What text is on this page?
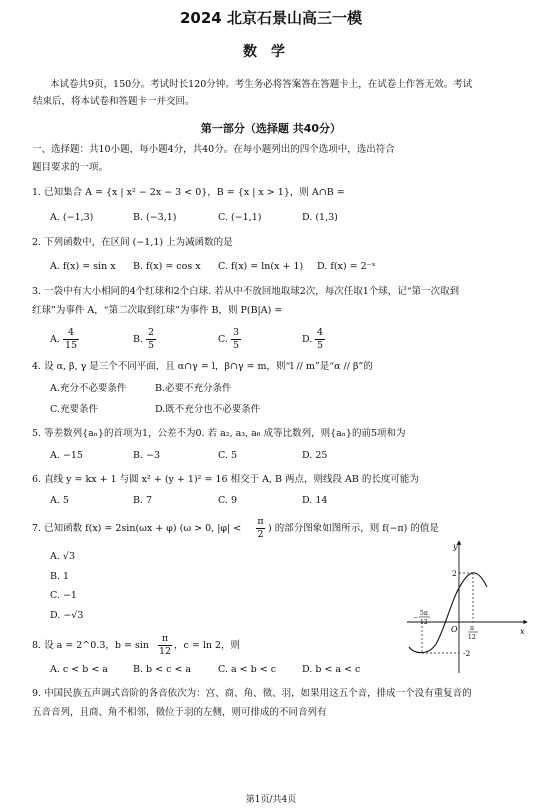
2024 北京石景山高三一模
数学
本试卷共9页，150分。考试时长120分钟。考生务必将答案答在答题卡上，在试卷上作答无效。考试
结束后，将本试卷和答题卡一并交回。
第一部分（选择题 共40分）
一、选择题：共10小题，每小题4分，共40分。在每小题列出的四个选项中，选出符合
题目要求的一项。
1. 已知集合 A = {x | x² − 2x − 3 < 0}，B = {x | x > 1}，则 A∩B =
A. (−1,3)	B. (−3,1)	C. (−1,1)	D. (1,3)
2. 下列函数中，在区间 (−1,1) 上为减函数的是
A. f(x) = sin x B. f(x) = cos x C. f(x) = ln(x + 1) D. f(x) = 2⁻ˣ
3. 一袋中有大小相同的4个红球和2个白球. 若从中不放回地取球2次，每次任取1个球，记“第一次取到
红球”为事件 A，“第二次取到红球”为事件 B，则 P(B|A) =
A.
4
15
B.
2
5
C.
3
5
D.
4
5
4. 设 α, β, γ 是三个不同平面，且 α∩γ = l，β∩γ = m，则“l // m”是“α // β”的
A.充分不必要条件	B.必要不充分条件
C.充要条件	D.既不充分也不必要条件
5. 等差数列{aₙ}的首项为1，公差不为0. 若 a₂, a₃, a₆ 成等比数列，则{aₙ}的前5项和为
A. −15	B. −3	C. 5	D. 25
6. 直线 y = kx + 1 与圆 x² + (y + 1)² = 16 相交于 A, B 两点，则线段 AB 的长度可能为
A. 5	B. 7	C. 9	D. 14
7. 已知函数 f(x) = 2sin(ωx + φ) (ω > 0, |φ| <
π
2
) 的部分图象如图所示，则 f(−π) 的值是
A. √3
B. 1
C. −1
D. −√3
y
x
O
2
-2
−
5π
12
π
12
8. 设 a = 2^0.3，b = sin
π
12
，c = ln 2，则
A. c < b < a	B. b < c < a	C. a < b < c	D. b < a < c
9. 中国民族五声调式音阶的各音依次为：宫、商、角、徵、羽，如果用这五个音，排成一个没有重复音的
五音音列，且商、角不相邻，徵位于羽的左侧，则可排成的不同音列有
第1页/共4页
